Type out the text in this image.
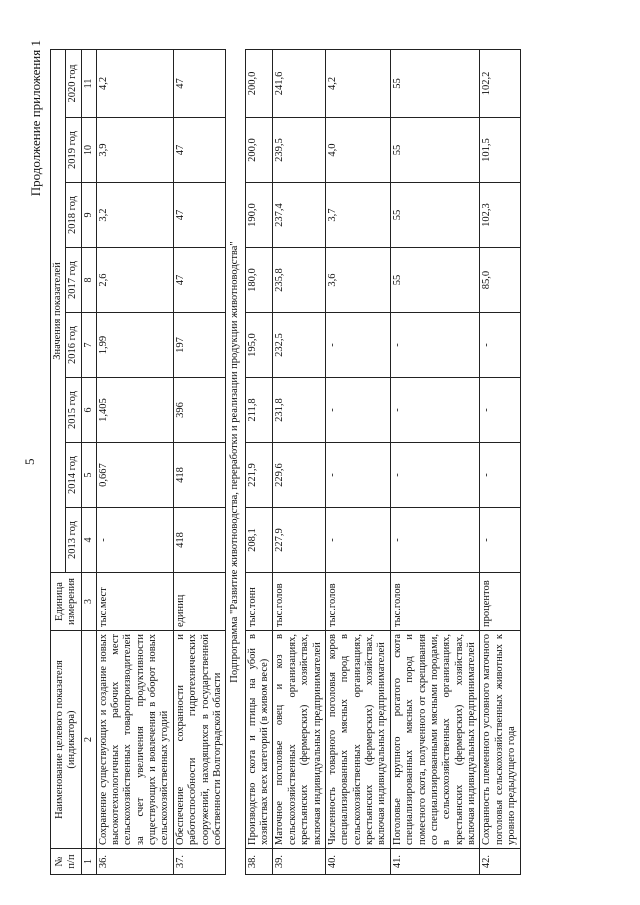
5
Продолжение приложения 1
№ п/п	Наименование целевого показателя (индикатора)	Единица измерения	Значения показателей							
			2013 год	2014 год	2015 год	2016 год	2017 год	2018 год	2019 год	2020 год
1	2	3	4	5	6	7	8	9	10	11
36.	Сохранение существующих и создание новых высокотехнологичных рабочих мест сельскохозяйственных товаропроизводителей за счет увеличения продуктивности существующих и вовлечения в оборот новых сельскохозяйственных угодий	тыс.мест	-	0,667	1,405	1,99	2,6	3,2	3,9	4,2
37.	Обеспечение сохранности и работоспособности гидротехнических сооружений, находящихся в государственной собственности Волгоградской области	единиц	418	418	396	197	47	47	47	47

Подпрограмма "Развитие животноводства, переработки и реализации продукции животноводства"										

38.	Производство скота и птицы на убой в хозяйствах всех категорий (в живом весе)	тыс.тонн	208,1	221,9	211,8	195,0	180,0	190,0	200,0	200,0
39.	Маточное поголовье овец и коз в сельскохозяйственных организациях, крестьянских (фермерских) хозяйствах, включая индивидуальных предпринимателей	тыс.голов	227,9	229,6	231,8	232,5	235,8	237,4	239,5	241,6
40.	Численность товарного поголовья коров специализированных мясных пород в сельскохозяйственных организациях, крестьянских (фермерских) хозяйствах, включая индивидуальных предпринимателей	тыс.голов	-	-	-	-	3,6	3,7	4,0	4,2
41.	Поголовье крупного рогатого скота специализированных мясных пород и помесного скота, полученного от скрещивания со специализированными мясными породами, в сельскохозяйственных организациях, крестьянских (фермерских) хозяйствах, включая индивидуальных предпринимателей	тыс.голов	-	-	-	-	55	55	55	55
42.	Сохранность племенного условного маточного поголовья сельскохозяйственных животных к уровню предыдущего года	процентов	-	-	-	-	85,0	102,3	101,5	102,2
